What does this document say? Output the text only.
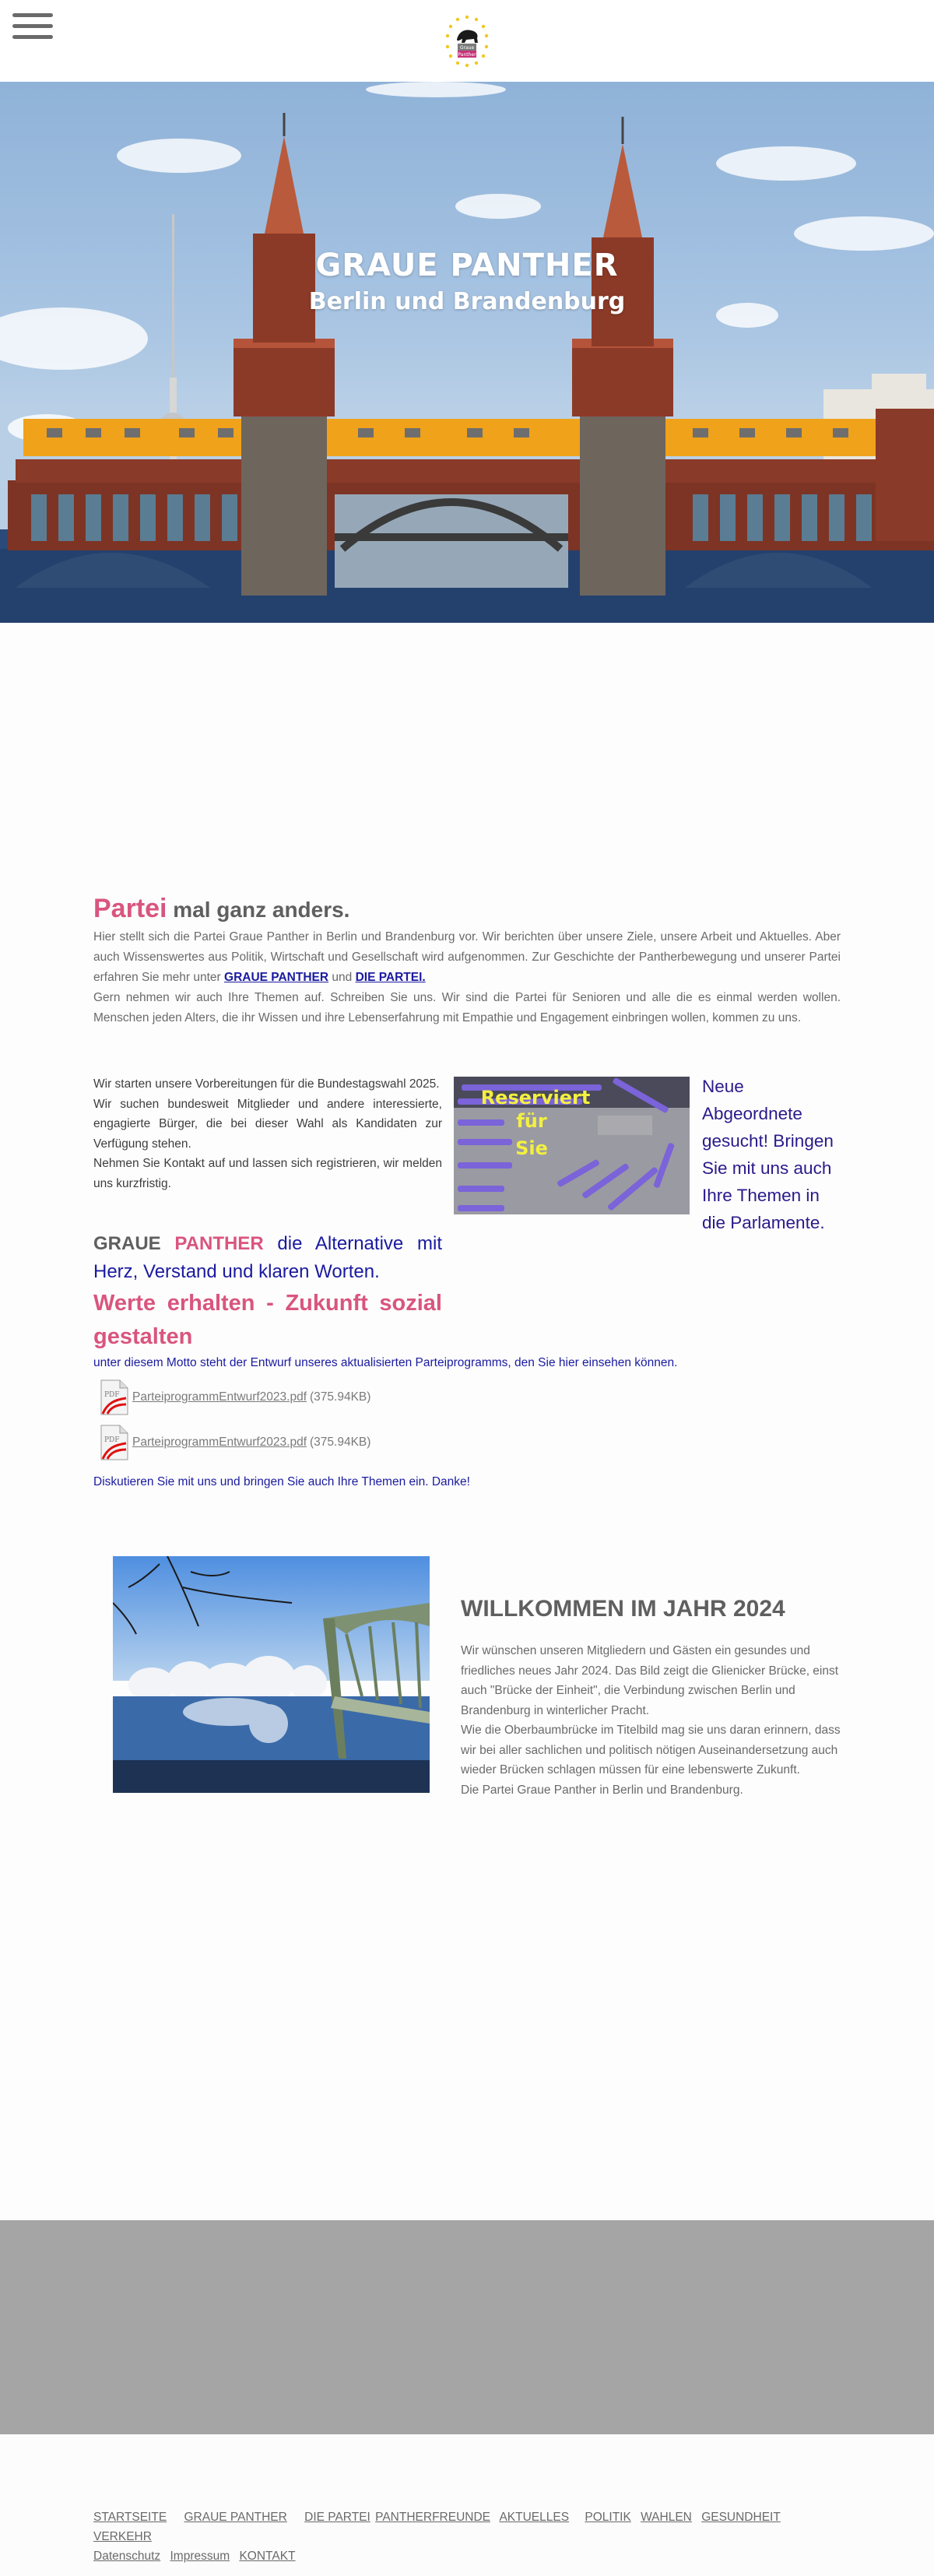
Graue
Panther
GRAUE PANTHER
Berlin und Brandenburg
Partei mal ganz anders.

Hier stellt sich die Partei Graue Panther in Berlin und Brandenburg vor. Wir berichten über unsere Ziele, unsere Arbeit und Aktuelles. Aber auch Wissenswertes aus Politik, Wirtschaft und Gesellschaft wird aufgenommen. Zur Geschichte der Pantherbewegung und unserer Partei erfahren Sie mehr unter GRAUE PANTHER und DIE PARTEI.

Gern nehmen wir auch Ihre Themen auf. Schreiben Sie uns. Wir sind die Partei für Senioren und alle die es einmal werden wollen. Menschen jeden Alters, die ihr Wissen und ihre Lebenserfahrung mit Empathie und Engagement einbringen wollen, kommen zu uns.

Wir starten unsere Vorbereitungen für die Bundestagswahl 2025.
Wir suchen bundesweit Mitglieder und andere interessierte, engagierte Bürger, die bei dieser Wahl als Kandidaten zur Verfügung stehen.
Nehmen Sie Kontakt auf und lassen sich registrieren, wir melden uns kurzfristig.
Reserviert
für
Sie
Neue Abgeordnete gesucht! Bringen Sie mit uns auch Ihre Themen in die Parlamente.
GRAUE PANTHER die Alternative mit Herz, Verstand und klaren Worten.
Werte erhalten - Zukunft sozial gestalten
unter diesem Motto steht der Entwurf unseres aktualisierten Parteiprogramms, den Sie hier einsehen können.
PDF ParteiprogrammEntwurf2023.pdf (375.94KB)
PDF ParteiprogrammEntwurf2023.pdf (375.94KB)
Diskutieren Sie mit uns und bringen Sie auch Ihre Themen ein. Danke!
WILLKOMMEN IM JAHR 2024
Wir wünschen unseren Mitgliedern und Gästen ein gesundes und friedliches neues Jahr 2024. Das Bild zeigt die Glienicker Brücke, einst auch "Brücke der Einheit", die Verbindung zwischen Berlin und Brandenburg in winterlicher Pracht.
Wie die Oberbaumbrücke im Titelbild mag sie uns daran erinnern, dass wir bei aller sachlichen und politisch nötigen Auseinandersetzung auch wieder Brücken schlagen müssen für eine lebenswerte Zukunft.
Die Partei Graue Panther in Berlin und Brandenburg.
STARTSEITE GRAUE PANTHER DIE PARTEI PANTHERFREUNDE AKTUELLES POLITIK WAHLEN GESUNDHEIT VERKEHR
Datenschutz Impressum KONTAKT
